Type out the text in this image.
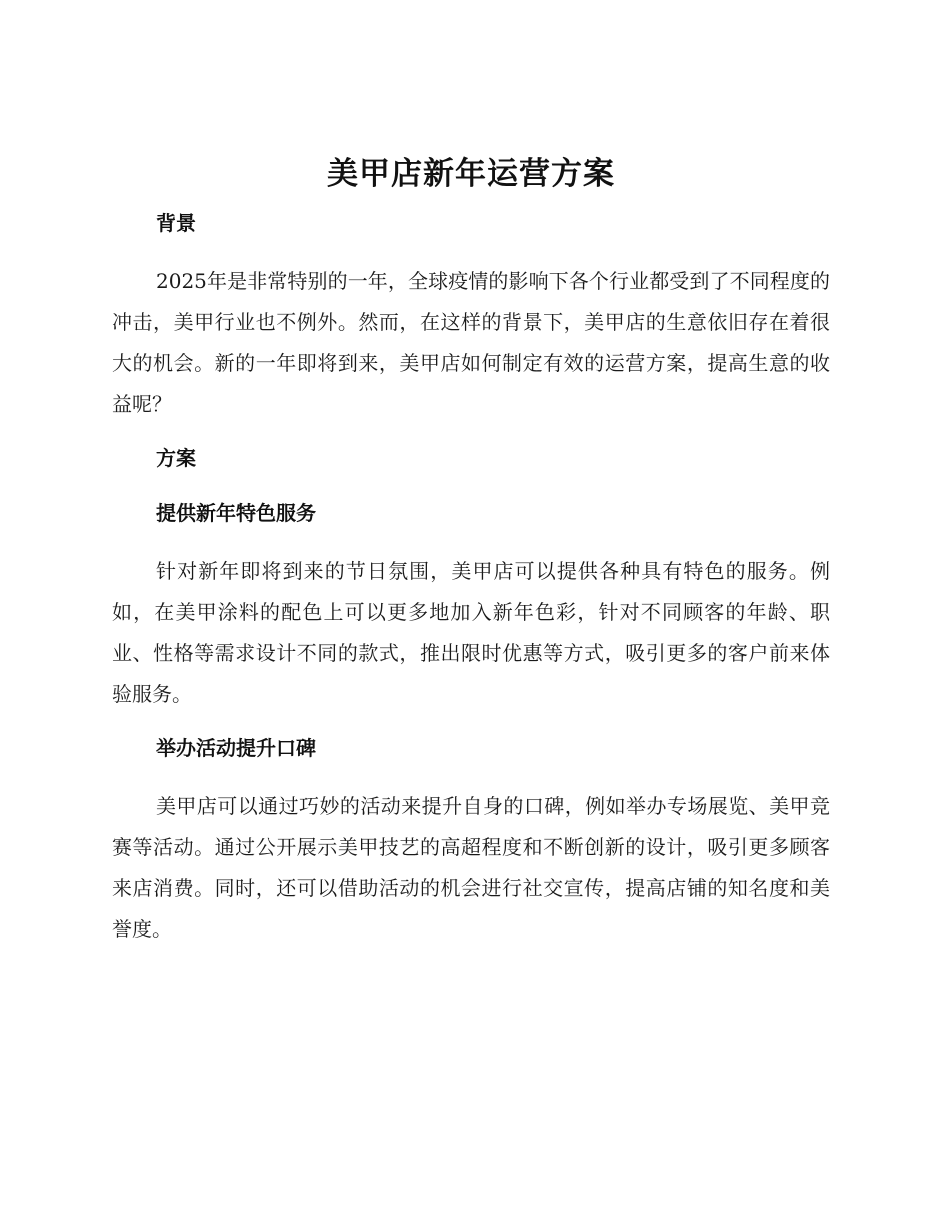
美甲店新年运营方案
背景

2025年是非常特别的一年，全球疫情的影响下各个行业都受到了不同程度的冲击，美甲行业也不例外。然而，在这样的背景下，美甲店的生意依旧存在着很大的机会。新的一年即将到来，美甲店如何制定有效的运营方案，提高生意的收益呢？

方案
提供新年特色服务

针对新年即将到来的节日氛围，美甲店可以提供各种具有特色的服务。例如，在美甲涂料的配色上可以更多地加入新年色彩，针对不同顾客的年龄、职业、性格等需求设计不同的款式，推出限时优惠等方式，吸引更多的客户前来体验服务。

举办活动提升口碑

美甲店可以通过巧妙的活动来提升自身的口碑，例如举办专场展览、美甲竞赛等活动。通过公开展示美甲技艺的高超程度和不断创新的设计，吸引更多顾客来店消费。同时，还可以借助活动的机会进行社交宣传，提高店铺的知名度和美誉度。
